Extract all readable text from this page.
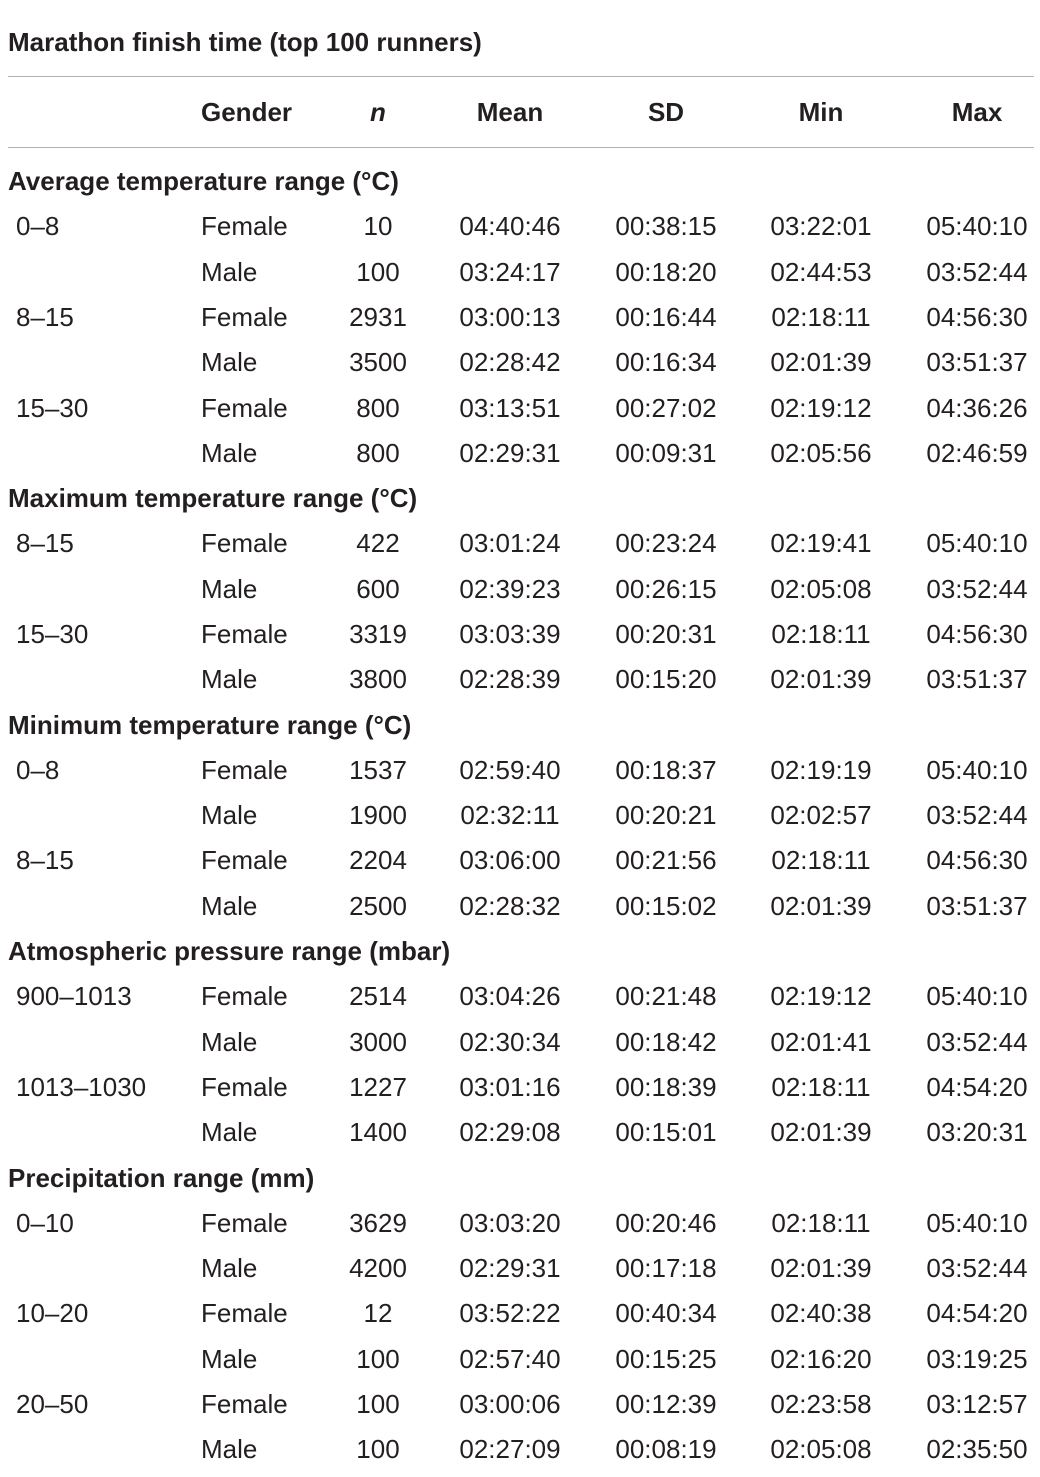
Marathon finish time (top 100 runners)
Gender	n	Mean	SD	Min	Max
Average temperature range (°C)
0–8	Female	10	04:40:46 00:38:15 03:22:01 05:40:10
Male	100 03:24:17 00:18:20 02:44:53 03:52:44
8–15	Female 2931 03:00:13 00:16:44 02:18:11 04:56:30
Male	3500 02:28:42 00:16:34 02:01:39 03:51:37
15–30	Female	800 03:13:51 00:27:02 02:19:12 04:36:26
Male	800 02:29:31 00:09:31 02:05:56 02:46:59
Maximum temperature range (°C)
8–15	Female	422 03:01:24 00:23:24 02:19:41 05:40:10
Male	600 02:39:23 00:26:15 02:05:08 03:52:44
15–30	Female 3319 03:03:39 00:20:31 02:18:11 04:56:30
Male	3800 02:28:39 00:15:20 02:01:39 03:51:37
Minimum temperature range (°C)
0–8	Female 1537 02:59:40 00:18:37 02:19:19 05:40:10
Male	1900 02:32:11 00:20:21 02:02:57 03:52:44
8–15	Female 2204 03:06:00 00:21:56 02:18:11 04:56:30
Male	2500 02:28:32 00:15:02 02:01:39 03:51:37
Atmospheric pressure range (mbar)
900–1013	Female 2514 03:04:26 00:21:48 02:19:12 05:40:10
Male	3000 02:30:34 00:18:42 02:01:41 03:52:44
1013–1030 Female 1227 03:01:16 00:18:39 02:18:11 04:54:20
Male	1400 02:29:08 00:15:01 02:01:39 03:20:31
Precipitation range (mm)
0–10	Female 3629 03:03:20 00:20:46 02:18:11 05:40:10
Male	4200 02:29:31 00:17:18 02:01:39 03:52:44
10–20	Female	12	03:52:22 00:40:34 02:40:38 04:54:20
Male	100 02:57:40 00:15:25 02:16:20 03:19:25
20–50	Female	100 03:00:06 00:12:39 02:23:58 03:12:57
Male	100 02:27:09 00:08:19 02:05:08 02:35:50
